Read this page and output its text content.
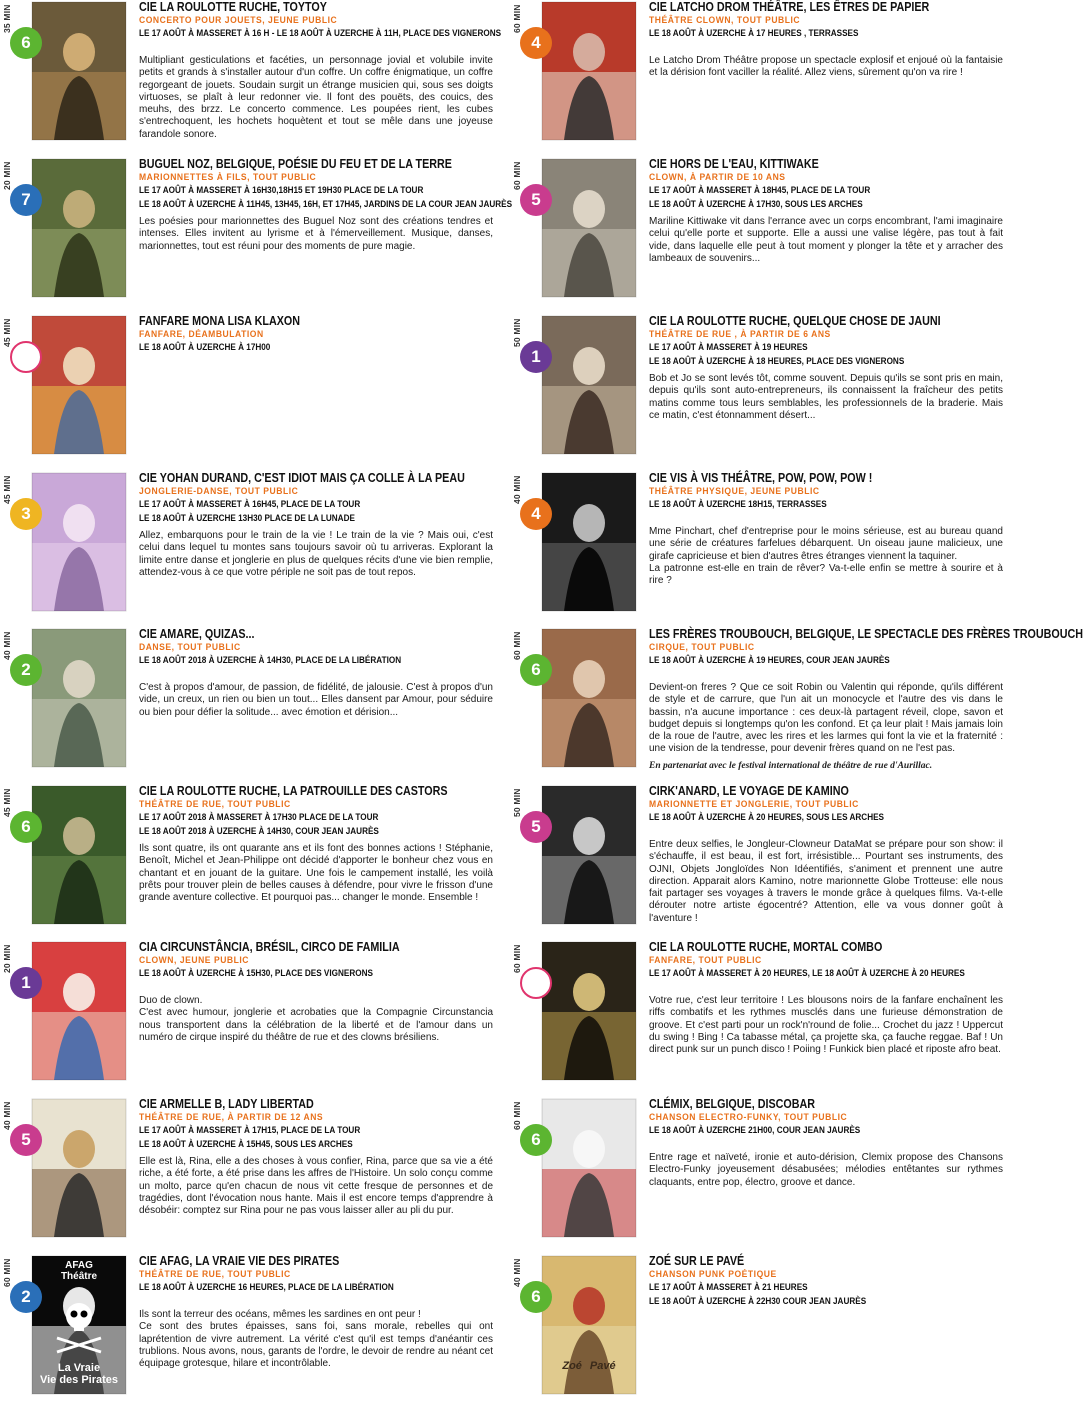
35 MIN
6
CIE LA ROULOTTE RUCHE, TOYTOY
CONCERTO POUR JOUETS, JEUNE PUBLIC
LE 17 AOÛT À MASSERET À 16 H - LE 18 AOÛT À UZERCHE À 11H, PLACE DES VIGNERONS
Multipliant gesticulations et facéties, un personnage jovial et volubile invite petits et grands à s'installer autour d'un coffre. Un coffre énigmatique, un coffre regorgeant de jouets. Soudain surgit un étrange musicien qui, sous ses doigts virtuoses, se plaît à leur redonner vie. Il font des pouëts, des couics, des meuhs, des brzz. Le concerto commence. Les poupées rient, les cubes s'entrechoquent, les hochets hoquètent et tout se mêle dans une joyeuse farandole sonore.
20 MIN
7
BUGUEL NOZ, BELGIQUE, POÉSIE DU FEU ET DE LA TERRE
MARIONNETTES À FILS, TOUT PUBLIC
LE 17 AOÛT À MASSERET À 16H30,18H15 ET 19H30 PLACE DE LA TOUR
LE 18 AOÛT À UZERCHE À 11H45, 13H45, 16H, ET 17H45, JARDINS DE LA COUR JEAN JAURÈS
Les poésies pour marionnettes des Buguel Noz sont des créations tendres et intenses. Elles invitent au lyrisme et à l'émerveillement. Musique, danses, marionnettes, tout est réuni pour des moments de pure magie.
45 MIN	FANFARE MONA LISA KLAXON
FANFARE, DÉAMBULATION
LE 18 AOÛT À UZERCHE À 17H00
45 MIN
3
CIE YOHAN DURAND, C'EST IDIOT MAIS ÇA COLLE À LA PEAU
JONGLERIE-DANSE, TOUT PUBLIC
LE 17 AOÛT À MASSERET À 16H45, PLACE DE LA TOUR
LE 18 AOÛT À UZERCHE 13H30 PLACE DE LA LUNADE
Allez, embarquons pour le train de la vie ! Le train de la vie ? Mais oui, c'est celui dans lequel tu montes sans toujours savoir où tu arriveras. Explorant la limite entre danse et jonglerie en plus de quelques récits d'une vie bien remplie, attendez-vous à ce que votre périple ne soit pas de tout repos.
40 MIN
2
CIE AMARE, QUIZAS...
DANSE, TOUT PUBLIC
LE 18 AOÛT 2018 À UZERCHE À 14H30, PLACE DE LA LIBÉRATION
C'est à propos d'amour, de passion, de fidélité, de jalousie. C'est à propos d'un vide, un creux, un rien ou bien un tout... Elles dansent par Amour, pour séduire ou bien pour défier la solitude... avec émotion et dérision...
45 MIN
6
CIE LA ROULOTTE RUCHE, LA PATROUILLE DES CASTORS
THÉÂTRE DE RUE, TOUT PUBLIC
LE 17 AOÛT 2018 À MASSERET À 17H30 PLACE DE LA TOUR
LE 18 AOÛT 2018 À UZERCHE À 14H30, COUR JEAN JAURÈS
Ils sont quatre, ils ont quarante ans et ils font des bonnes actions ! Stéphanie, Benoît, Michel et Jean-Philippe ont décidé d'apporter le bonheur chez vous en chantant et en jouant de la guitare. Une fois le campement installé, les voilà prêts pour trouver plein de belles causes à défendre, pour vivre le frisson d'une grande aventure collective. Et pourquoi pas... changer le monde. Ensemble !
20 MIN
1
CIA CIRCUNSTÂNCIA, BRÉSIL, CIRCO DE FAMILIA
CLOWN, JEUNE PUBLIC
LE 18 AOÛT À UZERCHE À 15H30, PLACE DES VIGNERONS
Duo de clown.
C'est avec humour, jonglerie et acrobaties que la Compagnie Circunstancia nous transportent dans la célébration de la liberté et de l'amour dans un numéro de cirque inspiré du théâtre de rue et des clowns brésiliens.
40 MIN
5
CIE ARMELLE B, LADY LIBERTAD
THÉÂTRE DE RUE, À PARTIR DE 12 ANS
LE 17 AOÛT À MASSERET À 17H15, PLACE DE LA TOUR
LE 18 AOÛT À UZERCHE À 15H45, SOUS LES ARCHES
Elle est là, Rina, elle a des choses à vous confier, Rina, parce que sa vie a été riche, a été forte, a été prise dans les affres de l'Histoire. Un solo conçu comme un molto, parce qu'en chacun de nous vit cette fresque de personnes et de tragédies, dont l'évocation nous hante. Mais il est encore temps d'apprendre à désobéir: comptez sur Rina pour ne pas vous laisser aller au pli du pur.
60 MIN
2
AFAG
Théâtre
La Vraie
Vie des Pirates
CIE AFAG, LA VRAIE VIE DES PIRATES
THÉÂTRE DE RUE, TOUT PUBLIC
LE 18 AOÛT À UZERCHE 16 HEURES, PLACE DE LA LIBÉRATION
Ils sont la terreur des océans, mêmes les sardines en ont peur !
Ce sont des brutes épaisses, sans foi, sans morale, rebelles qui ont laprétention de vivre autrement. La vérité c'est qu'il est temps d'anéantir ces trublions. Nous avons, nous, garants de l'ordre, le devoir de rendre au néant cet équipage grotesque, hilare et incontrôlable.
60 MIN
4
CIE LATCHO DROM THÉÂTRE, LES ÊTRES DE PAPIER
THÉÂTRE CLOWN, TOUT PUBLIC
LE 18 AOÛT À UZERCHE À 17 HEURES , TERRASSES
Le Latcho Drom Théâtre propose un spectacle explosif et enjoué où la fantaisie et la dérision font vaciller la réalité. Allez viens, sûrement qu'on va rire !
60 MIN
5
CIE HORS DE L'EAU, KITTIWAKE
CLOWN, À PARTIR DE 10 ANS
LE 17 AOÛT À MASSERET À 18H45, PLACE DE LA TOUR
LE 18 AOÛT À UZERCHE À 17H30, SOUS LES ARCHES
Mariline Kittiwake vit dans l'errance avec un corps encombrant, l'ami imaginaire celui qu'elle porte et supporte. Elle a aussi une valise légère, pas tout à fait vide, dans laquelle elle peut à tout moment y plonger la tête et y arracher des lambeaux de souvenirs...
50 MIN
1
CIE LA ROULOTTE RUCHE, QUELQUE CHOSE DE JAUNI
THÉÂTRE DE RUE , À PARTIR DE 6 ANS
LE 17 AOÛT À MASSERET À 19 HEURES
LE 18 AOÛT À UZERCHE À 18 HEURES, PLACE DES VIGNERONS
Bob et Jo se sont levés tôt, comme souvent. Depuis qu'ils se sont pris en main, depuis qu'ils sont auto-entrepreneurs, ils connaissent la fraîcheur des petits matins comme tous leurs semblables, les professionnels de la braderie. Mais ce matin, c'est étonnamment désert...
40 MIN
4
CIE VIS À VIS THÉÂTRE, POW, POW, POW !
THÉÂTRE PHYSIQUE, JEUNE PUBLIC
LE 18 AOÛT À UZERCHE 18H15, TERRASSES
Mme Pinchart, chef d'entreprise pour le moins sérieuse, est au bureau quand une série de créatures farfelues débarquent. Un oiseau jaune malicieux, une girafe capricieuse et bien d'autres êtres étranges viennent la taquiner.
La patronne est-elle en train de rêver? Va-t-elle enfin se mettre à sourire et à rire ?
60 MIN
6
LES FRÈRES TROUBOUCH, BELGIQUE, LE SPECTACLE DES FRÈRES TROUBOUCH
CIRQUE, TOUT PUBLIC
LE 18 AOÛT À UZERCHE À 19 HEURES, COUR JEAN JAURÈS
Devient-on freres ? Que ce soit Robin ou Valentin qui réponde, qu'ils différent de style et de carrure, que l'un ait un monocycle et l'autre des vis dans le bassin, n'a aucune importance : ces deux-là partagent réveil, clope, savon et budget depuis si longtemps qu'on les confond. Et ça leur plait ! Mais jamais loin de la roue de l'autre, avec les rires et les larmes qui font la vie et la fraternité : une vision de la tendresse, pour devenir frères quand on ne l'est pas.
En partenariat avec le festival international de théâtre de rue d'Aurillac.
50 MIN
5
CIRK'ANARD, LE VOYAGE DE KAMINO
MARIONNETTE ET JONGLERIE, TOUT PUBLIC
LE 18 AOÛT À UZERCHE À 20 HEURES, SOUS LES ARCHES
Entre deux selfies, le Jongleur-Clowneur DataMat se prépare pour son show: il s'échauffe, il est beau, il est fort, irrésistible... Pourtant ses instruments, des OJNI, Objets Jongloïdes Non Idéentifiés, s'animent et prennent une autre direction. Apparait alors Kamino, notre marionnette Globe Trotteuse: elle nous fait partager ses voyages à travers le monde grâce à quelques films. Va-t-elle dérouter notre artiste égocentré? Attention, elle va vous donner goût à l'aventure !
60 MIN	CIE LA ROULOTTE RUCHE, MORTAL COMBO
FANFARE, TOUT PUBLIC
LE 17 AOÛT À MASSERET À 20 HEURES, LE 18 AOÛT À UZERCHE À 20 HEURES
Votre rue, c'est leur territoire ! Les blousons noirs de la fanfare enchaînent les riffs combatifs et les rythmes musclés dans une furieuse démonstration de groove. Et c'est parti pour un rock'n'round de folie... Crochet du jazz ! Uppercut du swing ! Bing ! Ca tabasse métal, ça projette ska, ça fauche reggae. Baf ! Un direct punk sur un punch disco ! Poiing ! Funkick bien placé et riposte afro beat.
60 MIN
6
CLÉMIX, BELGIQUE, DISCOBAR
CHANSON ELECTRO-FUNKY, TOUT PUBLIC
LE 18 AOÛT À UZERCHE 21H00, COUR JEAN JAURÈS
Entre rage et naïveté, ironie et auto-dérision, Clemix propose des Chansons Electro-Funky joyeusement désabusées; mélodies entêtantes sur rythmes claquants, entre pop, électro, groove et dance.
40 MIN
6
Zoé Pavé
ZOÉ SUR LE PAVÉ
CHANSON PUNK POÉTIQUE
LE 17 AOÛT À MASSERET À 21 HEURES
LE 18 AOÛT À UZERCHE À 22H30 COUR JEAN JAURÈS
